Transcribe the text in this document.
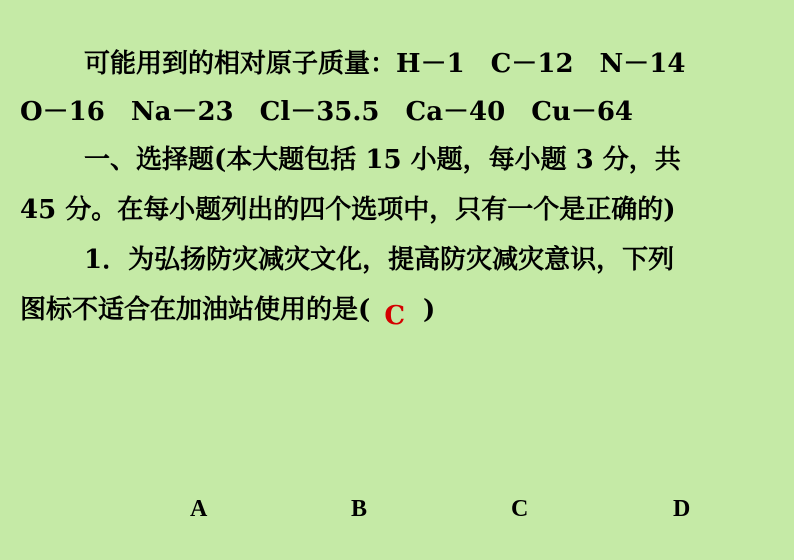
可能用到的相对原子质量：H－1　C－12　N－14
O－16　Na－23　Cl－35.5　Ca－40　Cu－64
一、选择题(本大题包括 15 小题，每小题 3 分，共
45 分。在每小题列出的四个选项中，只有一个是正确的)
1．为弘扬防灾减灾文化，提高防灾减灾意识，下列
图标不适合在加油站使用的是( C )
A	B	C	D
